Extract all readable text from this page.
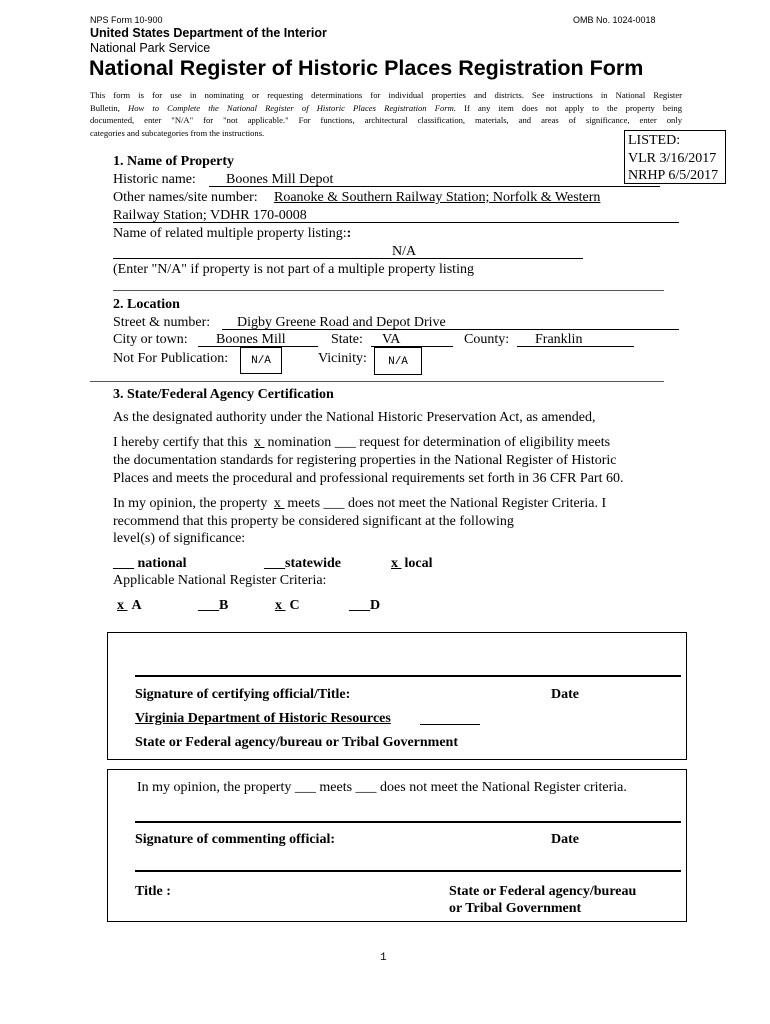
NPS Form 10-900	OMB No. 1024-0018
United States Department of the Interior
National Park Service
National Register of Historic Places Registration Form
This form is for use in nominating or requesting determinations for individual properties and districts. See instructions in National Register
Bulletin, How to Complete the National Register of Historic Places Registration Form. If any item does not apply to the property being
documented, enter "N/A" for "not applicable." For functions, architectural classification, materials, and areas of significance, enter only
categories and subcategories from the instructions.
LISTED:
VLR 3/16/2017
NRHP 6/5/2017
1. Name of Property
Historic name: Boones Mill Depot
Other names/site number: Roanoke & Southern Railway Station; Norfolk & Western
Railway Station; VDHR 170-0008
Name of related multiple property listing::
N/A
(Enter "N/A" if property is not part of a multiple property listing
2. Location
Street & number: Digby Greene Road and Depot Drive
City or town: Boones Mill	State: VA	County: Franklin
Not For Publication:	N/A	Vicinity:	N/A
3. State/Federal Agency Certification
As the designated authority under the National Historic Preservation Act, as amended,
I hereby certify that this x nomination ___ request for determination of eligibility meets
the documentation standards for registering properties in the National Register of Historic
Places and meets the procedural and professional requirements set forth in 36 CFR Part 60.
In my opinion, the property x meets ___ does not meet the National Register Criteria. I
recommend that this property be considered significant at the following
level(s) of significance:
___ national	___statewide	x local
Applicable National Register Criteria:
x A	___B	x C	___D
Signature of certifying official/Title:	Date
Virginia Department of Historic Resources
State or Federal agency/bureau or Tribal Government
In my opinion, the property ___ meets ___ does not meet the National Register criteria.
Signature of commenting official:	Date
Title :	State or Federal agency/bureau
or Tribal Government
1
